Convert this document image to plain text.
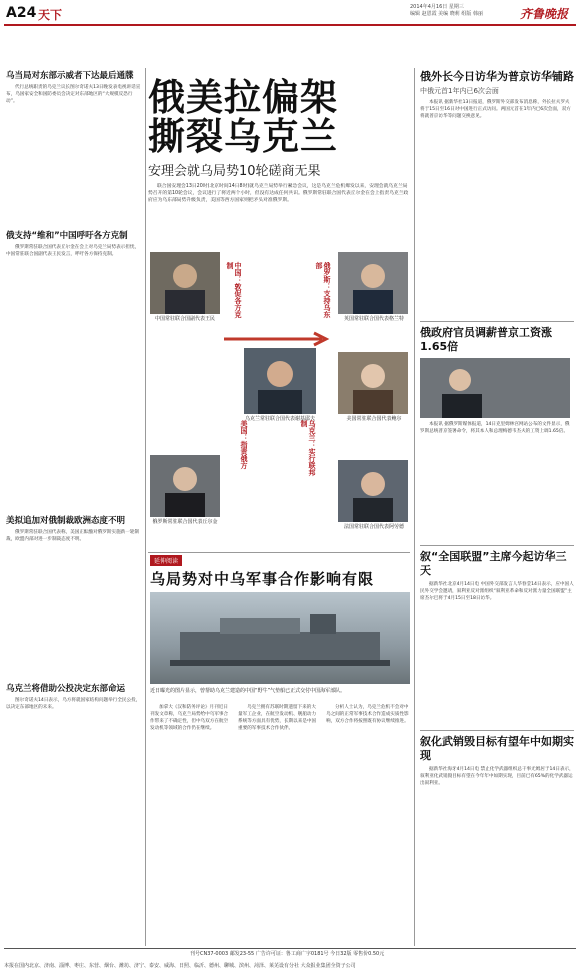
A24 天下
2014年4月16日 星期三
编辑 赵恩霞 美编 晓莉 组版 韩丽	齐鲁晚报
乌当局对东部示威者下达最后通牒

代行总统职责的乌克兰议长图尔奇诺夫13日晚发表电视讲话宣布，乌国家安全和国防委员会决定对东部地区的“大规模反恐行动”。

俄支持“维和”中国呼吁各方克制

俄罗斯常驻联合国代表丘尔金在会上对乌克兰局势表示担忧，中国常驻联合国副代表王民发言，呼吁各方保持克制。

美拟追加对俄制裁欧洲态度不明

俄罗斯常驻联合国代表称，美国正酝酿对俄罗斯实施新一轮制裁，欧盟内部对进一步制裁态度不明。

乌克兰将借助公投决定东部命运

图尔奇诺夫14日表示，乌方将就国家结构问题举行全民公投，以决定东部地区的未来。

俄美拉偏架
撕裂乌克兰
安理会就乌局势10轮磋商无果
联合国安理会13日20时(北京时间14日8时)就乌克兰局势举行紧急会议，这是乌克兰危机爆发以来，安理会就乌克兰局势召开的第10轮会议，会议进行了将近两个小时，但没有达成任何共识。俄罗斯常驻联合国代表丘尔金在会上指责乌克兰政府应为乌东部局势升级负责，美国等西方国家则把矛头对准俄罗斯。
中国常驻联合国副代表王民
中国：敦促各方克制	俄罗斯：支持乌东部
美国：指责俄方	乌克兰：实行联邦制
英国常驻联合国代表格兰特
乌克兰常驻联合国代表谢基耶夫	美国常驻联合国代表鲍尔
俄罗斯常驻联合国代表丘尔金
法国常驻联合国代表阿劳德
延伸阅读
乌局势对中乌军事合作影响有限
近日曝光的图片显示，曾帮助乌克兰建造的中国“野牛”气垫船已正式交付中国海军部队。

加拿大《汉和防务评论》月刊近日刊发文章称，乌克兰局势给中乌军事合作带来了不确定性，但中乌双方在航空发动机等领域的合作仍在继续。

乌克兰拥有苏联时期遗留下来的大量军工企业，在航空发动机、舰船动力系统等方面具有优势，长期以来是中国重要的军事技术合作伙伴。

分析人士认为，乌克兰危机不会对中乌之间的正常军事技术合作造成实质性影响，双方合作将按照既有协议继续推进。

俄外长今日访华为普京访华铺路
中俄元首1年内已6次会面

本报讯 据新华社13日报道，俄罗斯外交部发布消息称，外长拉夫罗夫将于15日至16日对中国进行正式访问。两国元首在1年内已6次会面，双方将就普京访华等问题交换意见。

俄政府官员调薪普京工资涨1.65倍

本报讯 据俄罗斯媒体报道，14日克里姆林宫网站公布的文件显示，俄罗斯总统普京签署命令，将其本人和总理梅德韦杰夫的工资上调1.65倍。

叙“全国联盟”主席今起访华三天

据新华社北京4月14日电 中国外交部发言人华春莹14日表示，应中国人民外交学会邀请，叙利亚反对派组织“叙利亚革命和反对派力量全国联盟”主席杰尔巴将于4月15日至18日访华。

叙化武销毁目标有望年中如期实现

据新华社海牙4月14日电 禁止化学武器组织总干事尤姆居于14日表示，叙利亚化武销毁目标有望在今年年中如期实现，目前已有65%的化学武器运出叙利亚。

刊号CN37-0003 邮发23-55 广告许可证：鲁工商广字0181号 今日32版 零售价0.50元
本报在国内北京、济南、淄博、枣庄、东营、烟台、潍坊、济宁、泰安、威海、日照、临沂、德州、聊城、滨州、菏泽、莱芜设有分社 大众报业集团全资子公司
